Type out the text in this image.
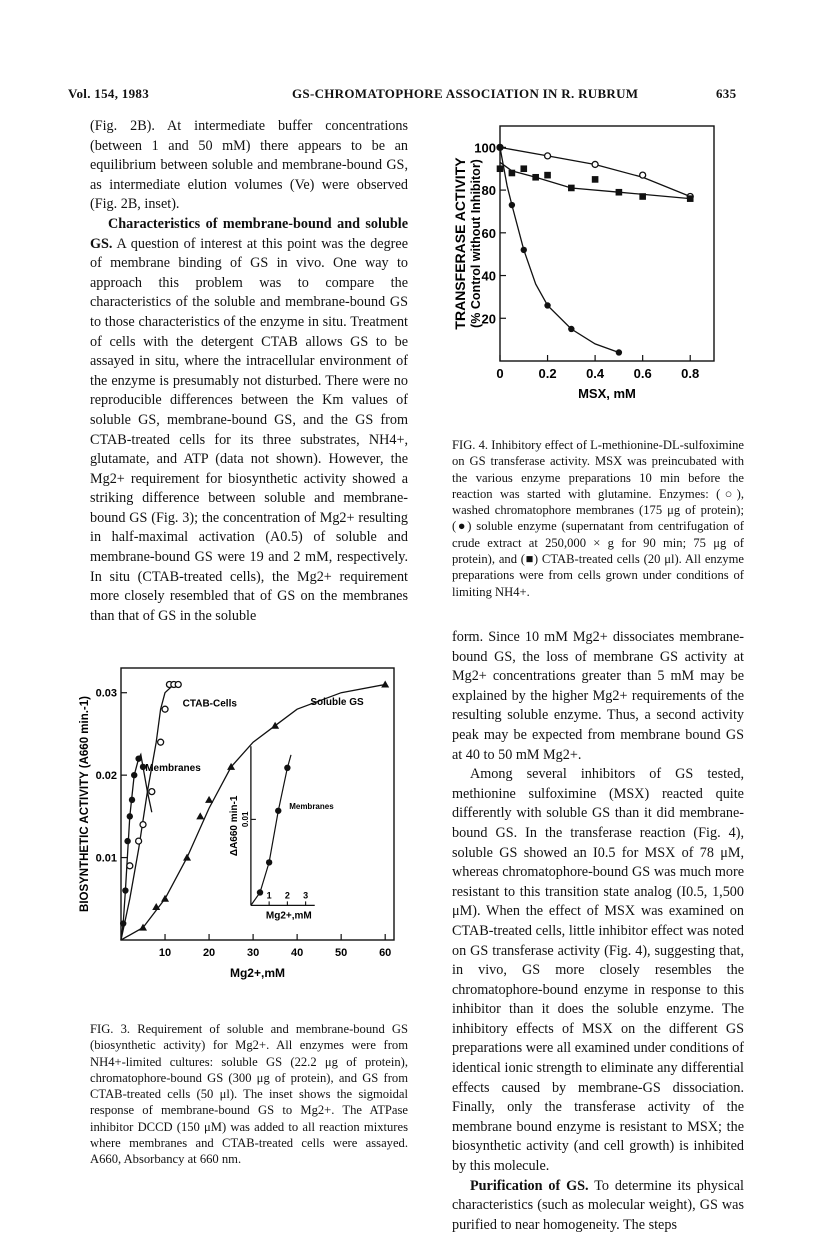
Vol. 154, 1983	GS-CHROMATOPHORE ASSOCIATION IN R. RUBRUM	635

(Fig. 2B). At intermediate buffer concentrations (between 1 and 50 mM) there appears to be an equilibrium between soluble and membrane-bound GS, as intermediate elution volumes (Ve) were observed (Fig. 2B, inset).

Characteristics of membrane-bound and soluble GS. A question of interest at this point was the degree of membrane binding of GS in vivo. One way to approach this problem was to compare the characteristics of the soluble and membrane-bound GS to those characteristics of the enzyme in situ. Treatment of cells with the detergent CTAB allows GS to be assayed in situ, where the intracellular environment of the enzyme is presumably not disturbed. There were no reproducible differences between the Km values of soluble GS, membrane-bound GS, and the GS from CTAB-treated cells for its three substrates, NH4+, glutamate, and ATP (data not shown). However, the Mg2+ requirement for biosynthetic activity showed a striking difference between soluble and membrane-bound GS (Fig. 3); the concentration of Mg2+ resulting in half-maximal activation (A0.5) of soluble and membrane-bound GS were 19 and 2 mM, respectively. In situ (CTAB-treated cells), the Mg2+ requirement more closely resembled that of GS on the membranes than that of GS in the soluble

0.01
0.02
0.03
10	20	30	40	50	60
Mg2+,mM
BIOSYNTHETIC ACTIVITY (A660 min.-1)	Membranes
CTAB-Cells	Soluble GS
0.01
1 2 3
Mg2+,mM
ΔA660 min-1	Membranes

FIG. 3. Requirement of soluble and membrane-bound GS (biosynthetic activity) for Mg2+. All enzymes were from NH4+-limited cultures: soluble GS (22.2 μg of protein), chromatophore-bound GS (300 μg of protein), and GS from CTAB-treated cells (50 μl). The inset shows the sigmoidal response of membrane-bound GS to Mg2+. The ATPase inhibitor DCCD (150 μM) was added to all reaction mixtures where membranes and CTAB-treated cells were assayed. A660, Absorbancy at 660 nm.

20
40
60
80
100
0	0.2 0.4 0.6 0.8
MSX, mM
TRANSFERASE ACTIVITY (% Control without Inhibitor)

FIG. 4. Inhibitory effect of L-methionine-DL-sulfoximine on GS transferase activity. MSX was preincubated with the various enzyme preparations 10 min before the reaction was started with glutamine. Enzymes: (○), washed chromatophore membranes (175 μg of protein); (●) soluble enzyme (supernatant from centrifugation of crude extract at 250,000 × g for 90 min; 75 μg of protein), and (■) CTAB-treated cells (20 μl). All enzyme preparations were from cells grown under conditions of limiting NH4+.

form. Since 10 mM Mg2+ dissociates membrane-bound GS, the loss of membrane GS activity at Mg2+ concentrations greater than 5 mM may be explained by the higher Mg2+ requirements of the resulting soluble enzyme. Thus, a second activity peak may be expected from membrane bound GS at 40 to 50 mM Mg2+.

Among several inhibitors of GS tested, methionine sulfoximine (MSX) reacted quite differently with soluble GS than it did membrane-bound GS. In the transferase reaction (Fig. 4), soluble GS showed an I0.5 for MSX of 78 μM, whereas chromatophore-bound GS was much more resistant to this transition state analog (I0.5, 1,500 μM). When the effect of MSX was examined on CTAB-treated cells, little inhibitor effect was noted on GS transferase activity (Fig. 4), suggesting that, in vivo, GS more closely resembles the chromatophore-bound enzyme in response to this inhibitor than it does the soluble enzyme. The inhibitory effects of MSX on the different GS preparations were all examined under conditions of identical ionic strength to eliminate any differential effects caused by membrane-GS dissociation. Finally, only the transferase activity of the membrane bound enzyme is resistant to MSX; the biosynthetic activity (and cell growth) is inhibited by this molecule.

Purification of GS. To determine its physical characteristics (such as molecular weight), GS was purified to near homogeneity. The steps
